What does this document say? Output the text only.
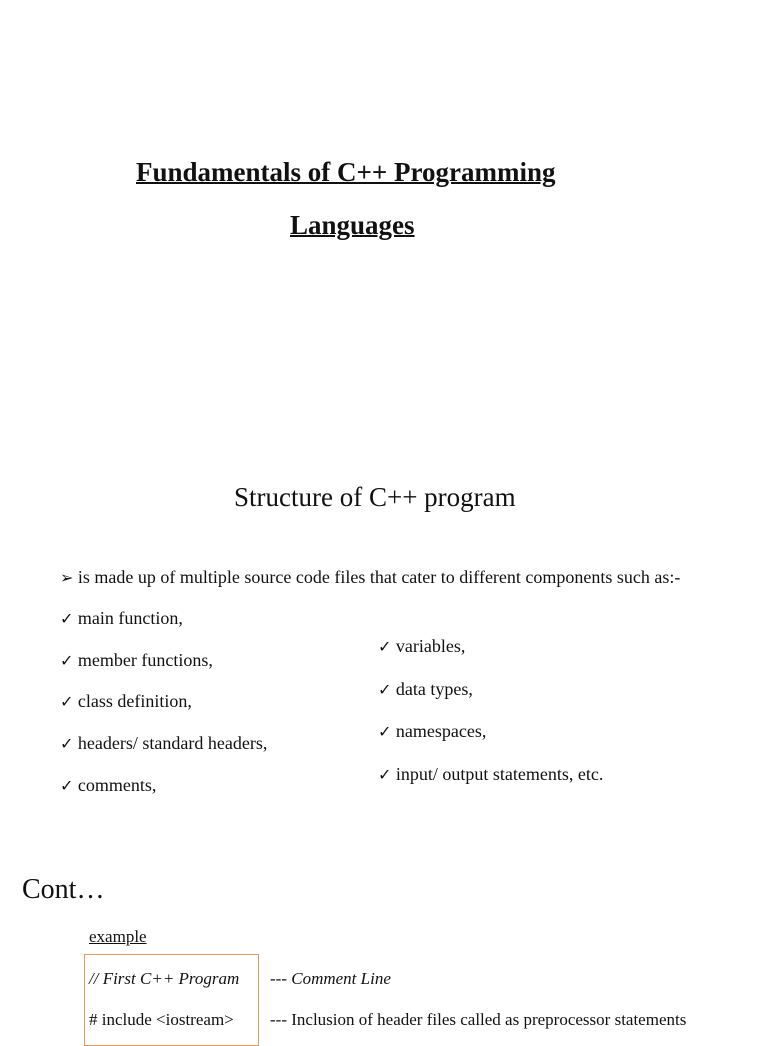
Fundamentals of C++ Programming
Languages
Structure of C++ program
➢ is made up of multiple source code files that cater to different components such as:-
✓ main function,
✓ member functions,
✓ class definition,
✓ headers/ standard headers,
✓ comments,
✓ variables,
✓ data types,
✓ namespaces,
✓ input/ output statements, etc.
Cont…
example
// First C++ Program --- Comment Line
# include <iostream> --- Inclusion of header files called as preprocessor statements
